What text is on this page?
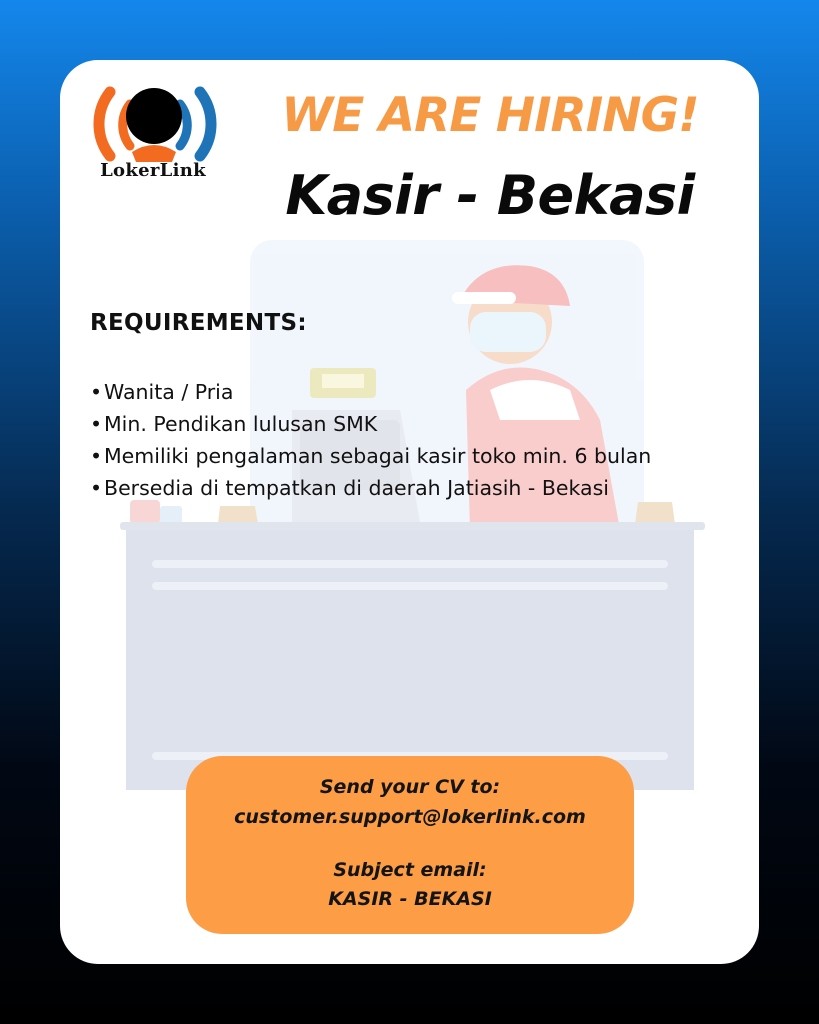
LokerLink
WE ARE HIRING!
Kasir - Bekasi
REQUIREMENTS:
•Wanita / Pria
•Min. Pendikan lulusan SMK
•Memiliki pengalaman sebagai kasir toko min. 6 bulan
•Bersedia di tempatkan di daerah Jatiasih - Bekasi
Send your CV to:
customer.support@lokerlink.com
Subject email:
KASIR - BEKASI
